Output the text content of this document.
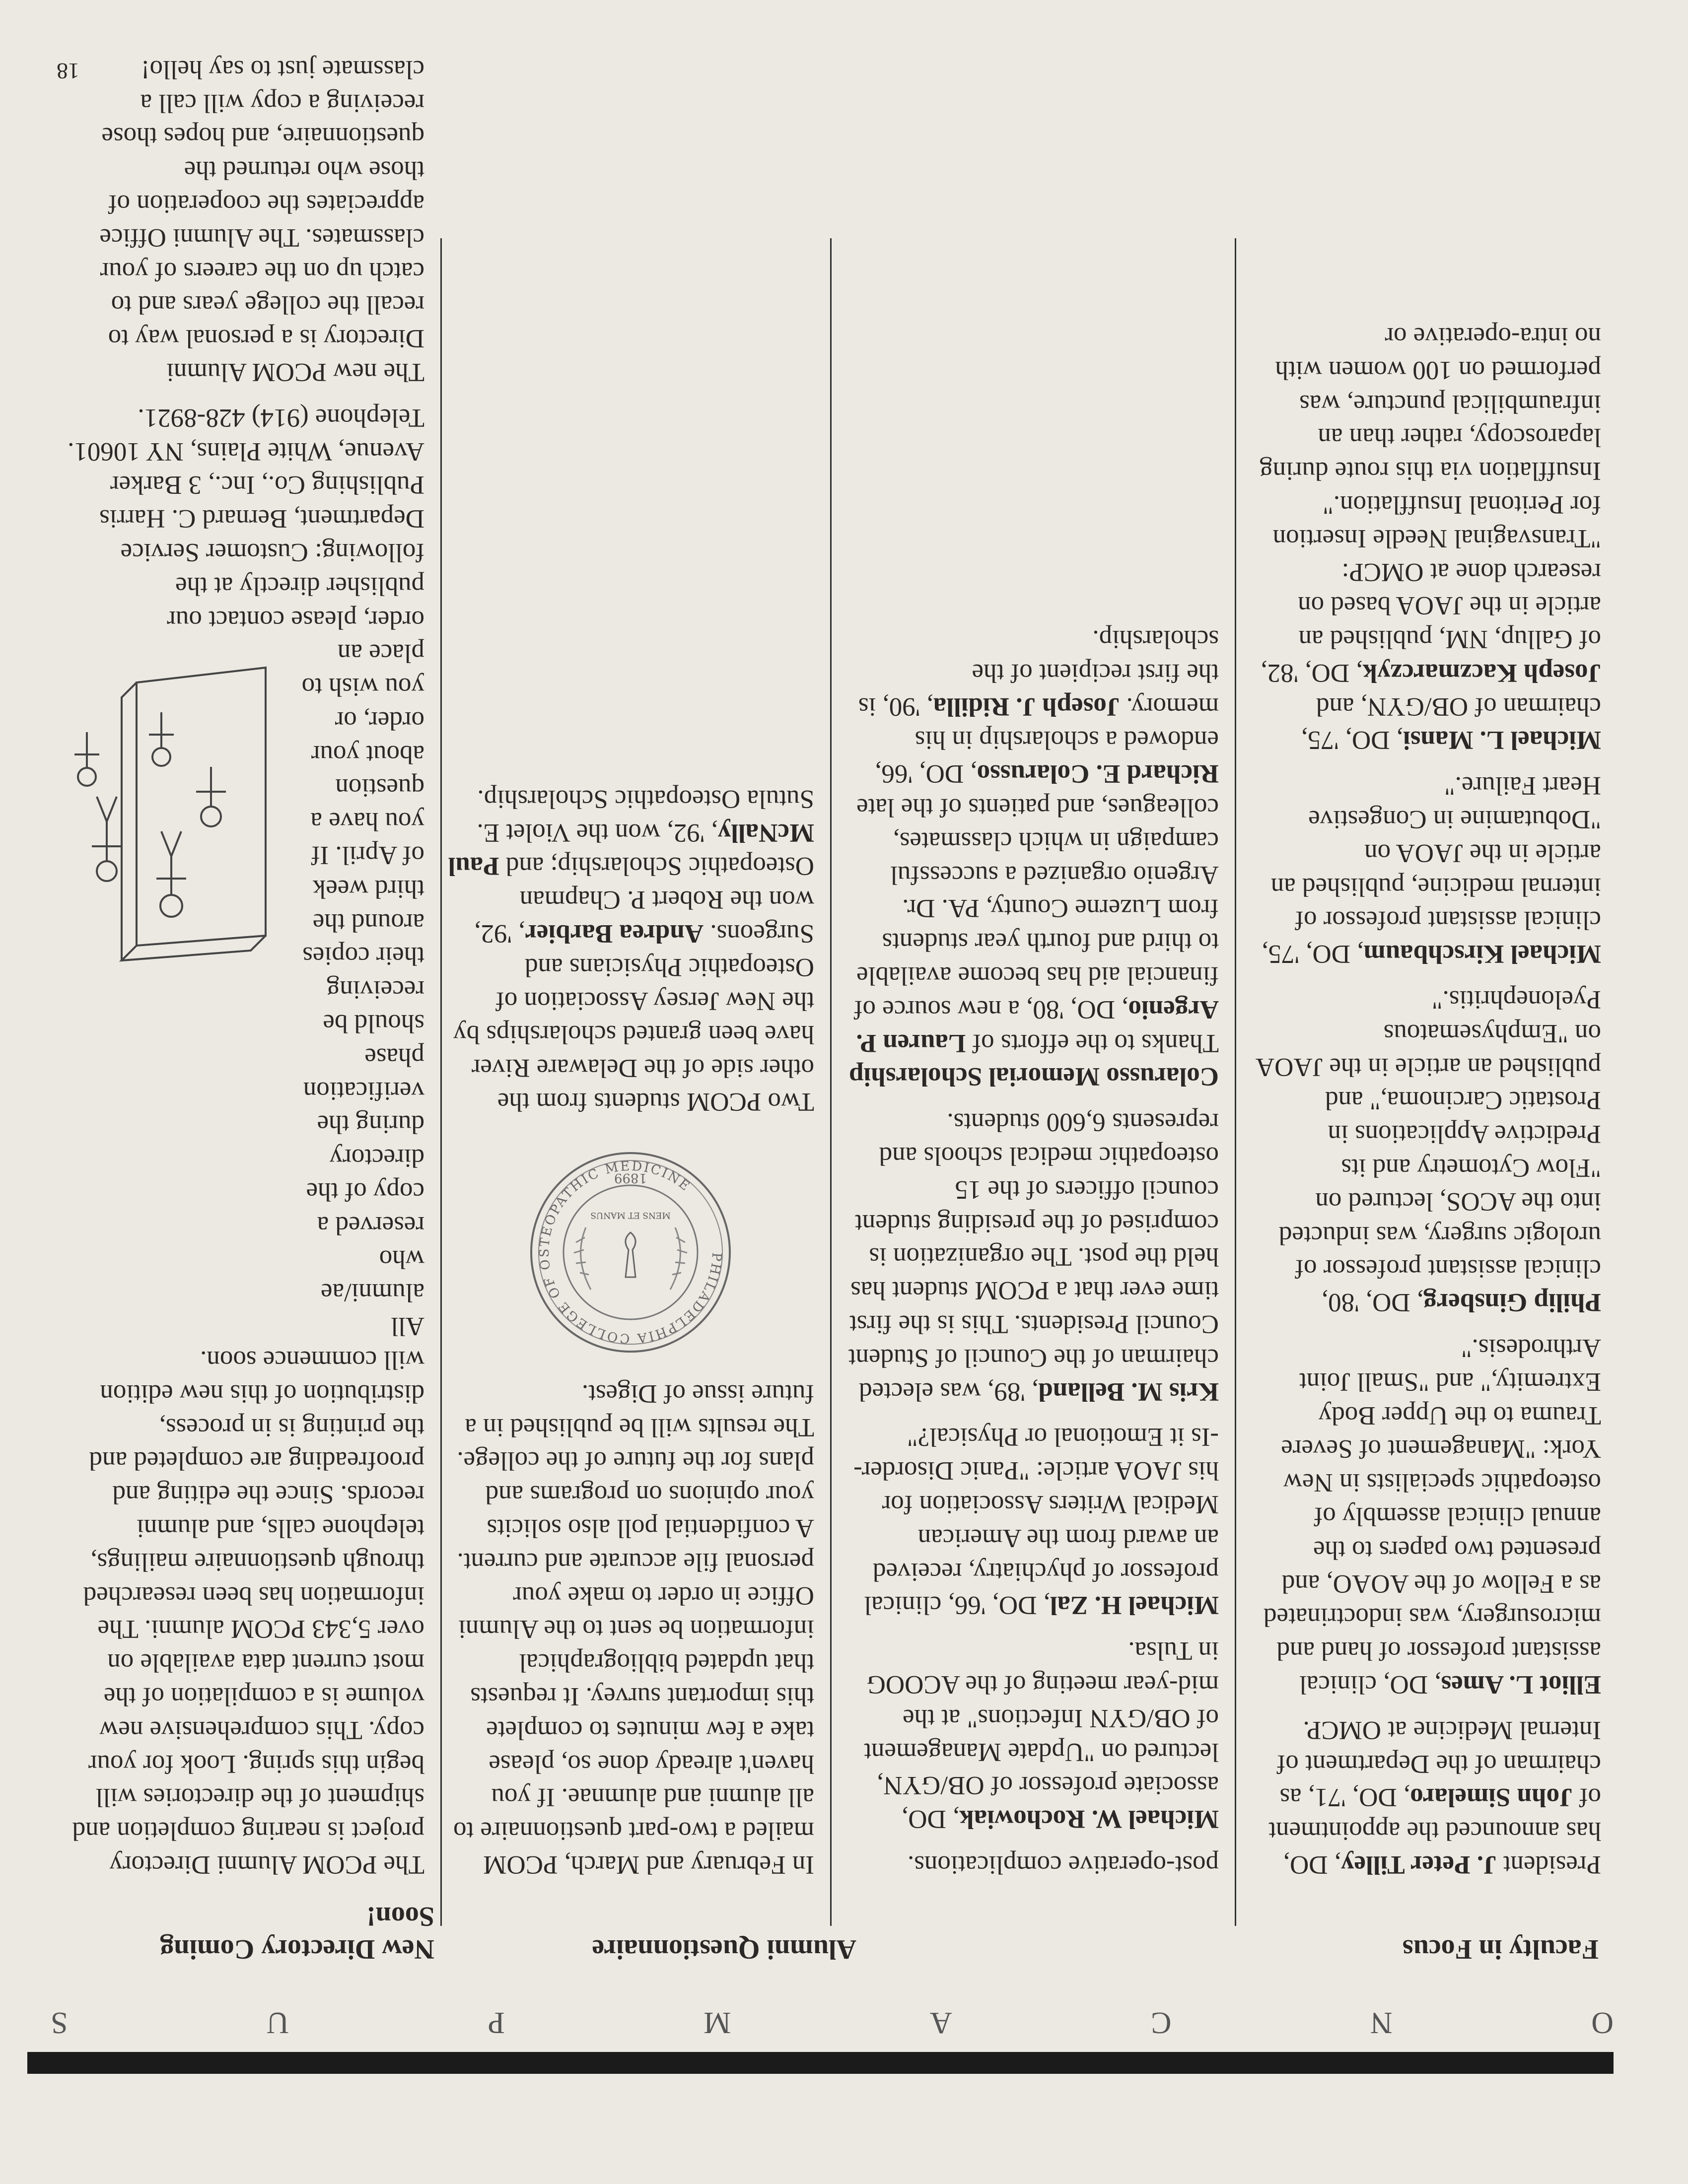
18
O
N
C
A
M
P
U
S
Faculty in Focus
Alumni Questionnaire
New Directory Coming Soon!

President J. Peter Tilley, DO, has announced the appointment of John Simelaro, DO, '71, as chairman of the Department of Internal Medicine at OMCP.

Elliot L. Ames, DO, clinical assistant professor of hand and microsurgery, was indoctrinated as a Fellow of the AOAO, and presented two papers to the annual clinical assembly of osteopathic specialists in New York: "Management of Severe Trauma to the Upper Body Extremity," and "Small Joint Arthrodesis."

Philip Ginsberg, DO, '80, clinical assistant professor of urologic surgery, was inducted into the ACOS, lectured on "Flow Cytometry and its Predictive Applications in Prostatic Carcinoma," and published an article in the JAOA on "Emphysematous Pyelonephritis."

Michael Kirschbaum, DO, '75, clinical assistant professor of internal medicine, published an article in the JAOA on "Dobutamine in Congestive Heart Failure."

Michael L. Mansi, DO, '75, chairman of OB/GYN, and Joseph Kaczmarczyk, DO, '82, of Gallup, NM, published an article in the JAOA based on research done at OMCP: "Transvaginal Needle Insertion for Peritonal Insufflation." Insufflation via this route during laparoscopy, rather than an infraumbilical puncture, was performed on 100 women with no intra-operative or

post-operative complications.

Michael W. Rochowiak, DO, associate professor of OB/GYN, lectured on "Update Management of OB/GYN Infections" at the mid-year meeting of the ACOOG in Tulsa.

Michael H. Zal, DO, '66, clinical professor of phychiatry, received an award from the American Medical Writers Association for his JAOA article: "Panic Disorder--Is it Emotional or Physical?"

Kris M. Belland, '89, was elected chairman of the Council of Student Council Presidents. This is the first time ever that a PCOM student has held the post. The organization is comprised of the presiding student council officers of the 15 osteopathic medical schools and represents 6,600 students.

Colarusso Memorial Scholarship
Thanks to the efforts of Lauren P. Argenio, DO, '80, a new source of financial aid has become available to third and fourth year students from Luzerne County, PA. Dr. Argenio organized a successful campaign in which classmates, colleagues, and patients of the late Richard E. Colarusso, DO, '66, endowed a scholarship in his memory. Joseph J. Ridilla, '90, is the first recipient of the scholarship.

In February and March, PCOM mailed a two-part questionnaire to all alumni and alumnae. If you haven't already done so, please take a few minutes to complete this important survey. It requests that updated bibliographical information be sent to the Alumni Office in order to make your personal file accurate and current. A confidential poll also solicits your opinions on programs and plans for the future of the college. The results will be published in a future issue of Digest.

PHILADELPHIA COLLEGE OF OSTEOPATHIC MEDICINE
MENS ET MANUS
1899

Two PCOM students from the other side of the Delaware River have been granted scholarships by the New Jersey Association of Osteopathic Physicians and Surgeons. Andrea Barbier, '92, won the Robert P. Chapman Osteopathic Scholarship; and Paul McNally, '92, won the Violet E. Sutula Osteopathic Scholarship.

The PCOM Alumni Directory project is nearing completion and shipment of the directories will begin this spring. Look for your copy. This comprehensive new volume is a compilation of the most current data available on over 5,343 PCOM alumni. The information has been researched through questionnaire mailings, telephone calls, and alumni records. Since the editing and proofreading are completed and the printing is in process, distribution of this new edition will commence soon.

All alumni/ae who reserved a copy of the directory during the verification phase should be receiving their copies around the third week of April. If you have a question about your order, or you wish to place an order, please contact our publisher directly at the following: Customer Service Department, Bernard C. Harris Publishing Co., Inc., 3 Barker Avenue, White Plains, NY 10601. Telephone (914) 428-8921.

The new PCOM Alumni Directory is a personal way to recall the college years and to catch up on the careers of your classmates. The Alumni Office appreciates the cooperation of those who returned the questionnaire, and hopes those receiving a copy will call a classmate just to say hello!
